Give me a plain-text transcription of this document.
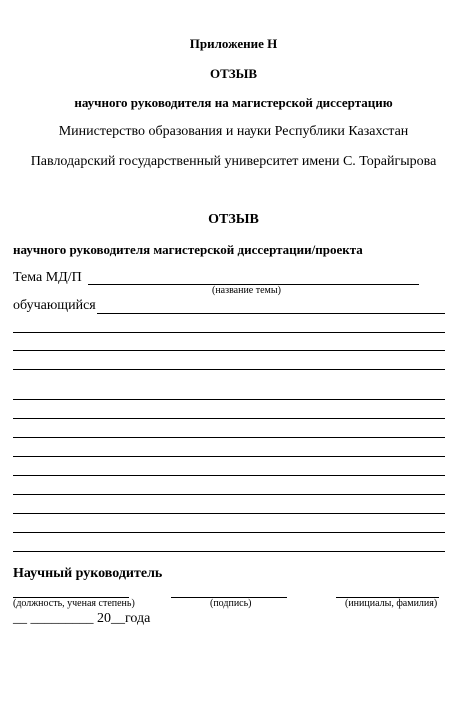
Приложение Н
ОТЗЫВ
научного руководителя на магистерской диссертацию
Министерство образования и науки Республики Казахстан
Павлодарский государственный университет имени С. Торайгырова
ОТЗЫВ
научного руководителя магистерской диссертации/проекта
Тема МД/П
(название темы)
обучающийся
Научный руководитель
(должность, ученая степень)	(подпись)	(инициалы, фамилия)
__ _________ 20__года
